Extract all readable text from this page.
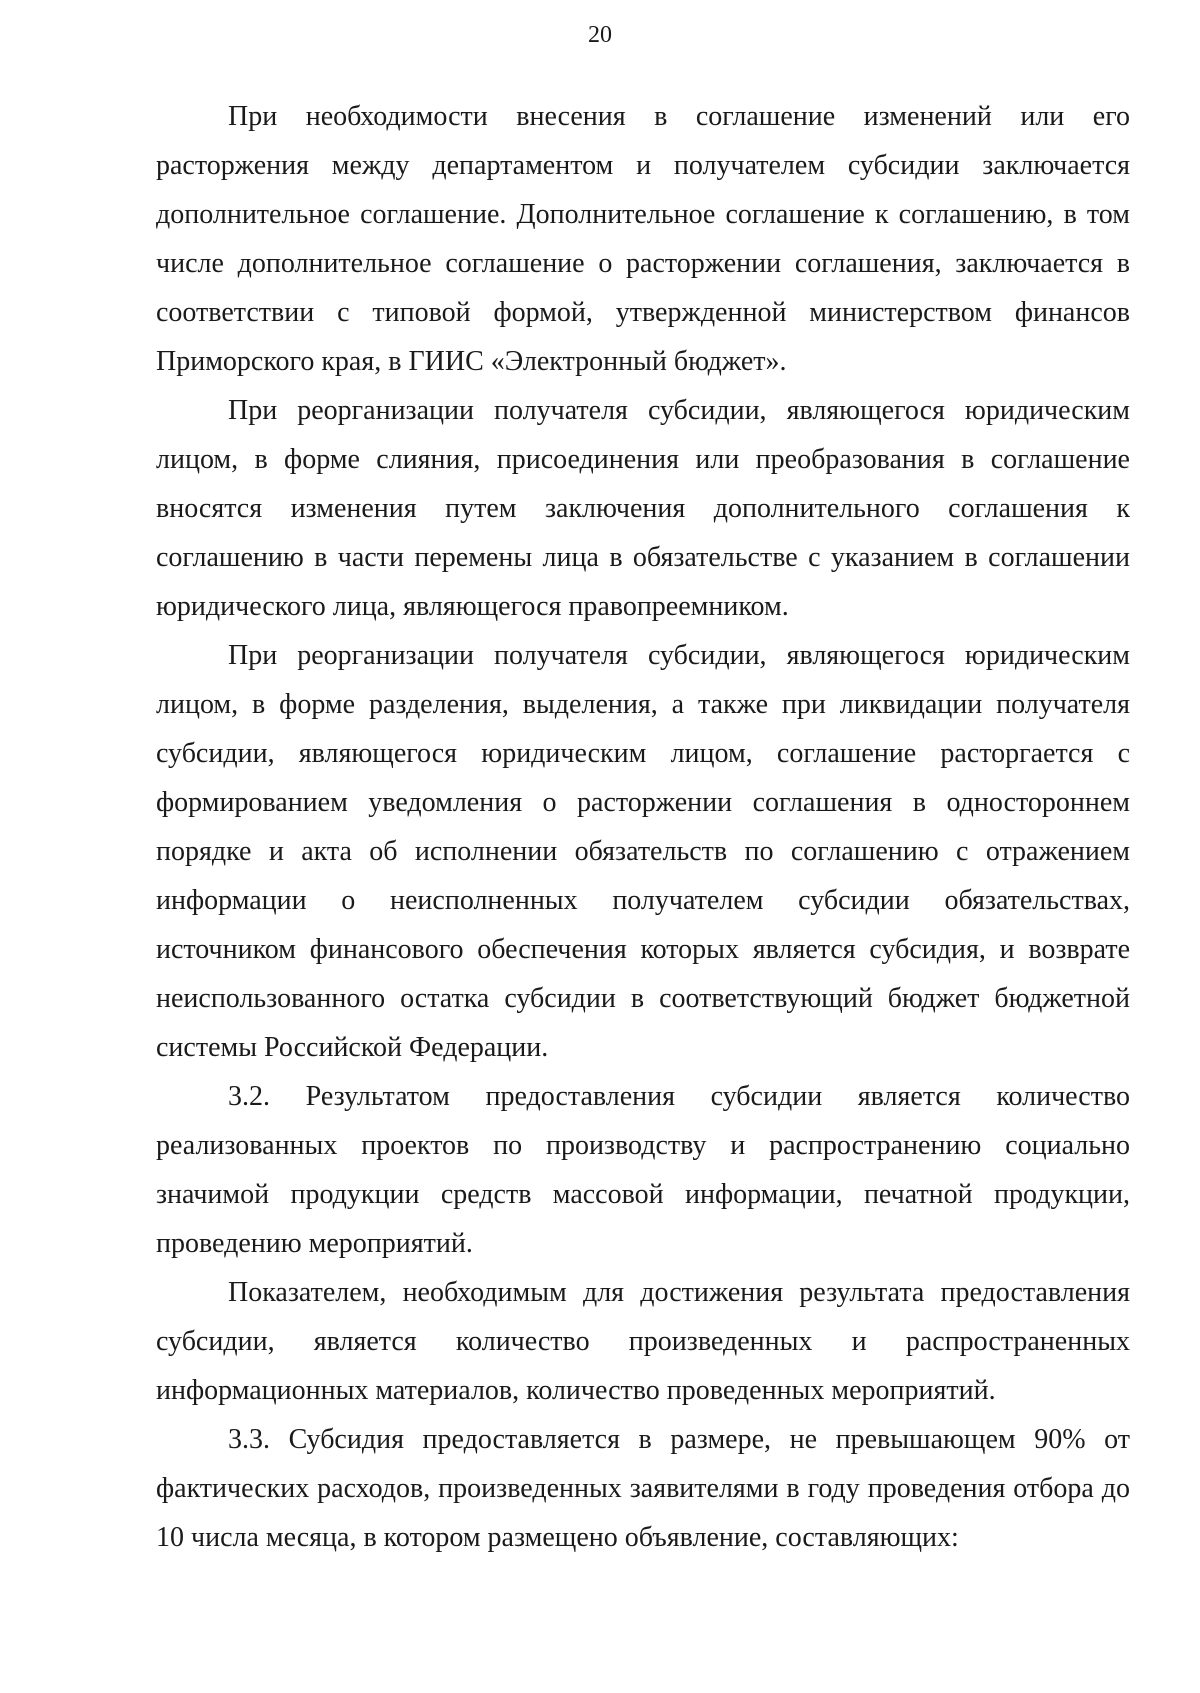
20

При необходимости внесения в соглашение изменений или его расторжения между департаментом и получателем субсидии заключается дополнительное соглашение. Дополнительное соглашение к соглашению, в том числе дополнительное соглашение о расторжении соглашения, заключается в соответствии с типовой формой, утвержденной министерством финансов Приморского края, в ГИИС «Электронный бюджет».

При реорганизации получателя субсидии, являющегося юридическим лицом, в форме слияния, присоединения или преобразования в соглашение вносятся изменения путем заключения дополнительного соглашения к соглашению в части перемены лица в обязательстве с указанием в соглашении юридического лица, являющегося правопреемником.

При реорганизации получателя субсидии, являющегося юридическим лицом, в форме разделения, выделения, а также при ликвидации получателя субсидии, являющегося юридическим лицом, соглашение расторгается с формированием уведомления о расторжении соглашения в одностороннем порядке и акта об исполнении обязательств по соглашению с отражением информации о неисполненных получателем субсидии обязательствах, источником финансового обеспечения которых является субсидия, и возврате неиспользованного остатка субсидии в соответствующий бюджет бюджетной системы Российской Федерации.

3.2. Результатом предоставления субсидии является количество реализованных проектов по производству и распространению социально значимой продукции средств массовой информации, печатной продукции, проведению мероприятий.

Показателем, необходимым для достижения результата предоставления субсидии, является количество произведенных и распространенных информационных материалов, количество проведенных мероприятий.

3.3. Субсидия предоставляется в размере, не превышающем 90% от фактических расходов, произведенных заявителями в году проведения отбора до 10 числа месяца, в котором размещено объявление, составляющих:
